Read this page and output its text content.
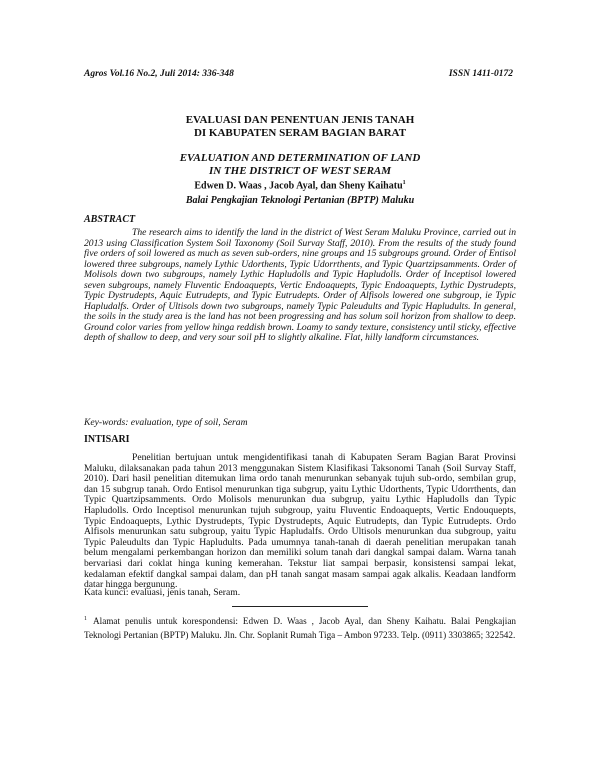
Agros Vol.16 No.2, Juli 2014: 336-348	ISSN 1411-0172
EVALUASI DAN PENENTUAN JENIS TANAH
DI KABUPATEN SERAM BAGIAN BARAT
EVALUATION AND DETERMINATION OF LAND
IN THE DISTRICT OF WEST SERAM
Edwen D. Waas , Jacob Ayal, dan Sheny Kaihatu$^1$
Balai Pengkajian Teknologi Pertanian (BPTP) Maluku
ABSTRACT

The research aims to identify the land in the district of West Seram Maluku Province, carried out in 2013 using Classification System Soil Taxonomy (Soil Survay Staff, 2010). From the results of the study found five orders of soil lowered as much as seven sub-orders, nine groups and 15 subgroups ground. Order of Entisol lowered three subgroups, namely Lythic Udorthents, Typic Udorrthents, and Typic Quartzipsamments. Order of Molisols down two subgroups, namely Lythic Hapludolls and Typic Hapludolls. Order of Inceptisol lowered seven subgroups, namely Fluventic Endoaquepts, Vertic Endoaquepts, Typic Endoaquepts, Lythic Dystrudepts, Typic Dystrudepts, Aquic Eutrudepts, and Typic Eutrudepts. Order of Alfisols lowered one subgroup, ie Typic Hapludalfs. Order of Ultisols down two subgroups, namely Typic Paleudults and Typic Hapludults. In general, the soils in the study area is the land has not been progressing and has solum soil horizon from shallow to deep. Ground color varies from yellow hinga reddish brown. Loamy to sandy texture, consistency until sticky, effective depth of shallow to deep, and very sour soil pH to slightly alkaline. Flat, hilly landform circumstances.

Key-words: evaluation, type of soil, Seram

INTISARI

Penelitian bertujuan untuk mengidentifikasi tanah di Kabupaten Seram Bagian Barat Provinsi Maluku, dilaksanakan pada tahun 2013 menggunakan Sistem Klasifikasi Taksonomi Tanah (Soil Survay Staff, 2010). Dari hasil penelitian ditemukan lima ordo tanah menurunkan sebanyak tujuh sub-ordo, sembilan grup, dan 15 subgrup tanah. Ordo Entisol menurunkan tiga subgrup, yaitu Lythic Udorthents, Typic Udorrthents, dan Typic Quartzipsamments. Ordo Molisols menurunkan dua subgrup, yaitu Lythic Hapludolls dan Typic Hapludolls. Ordo Inceptisol menurunkan tujuh subgroup, yaitu Fluventic Endoaquepts, Vertic Endouquepts, Typic Endoaquepts, Lythic Dystrudepts, Typic Dystrudepts, Aquic Eutrudepts, dan Typic Eutrudepts. Ordo Alfisols menurunkan satu subgroup, yaitu Typic Hapludalfs. Ordo Ultisols menurunkan dua subgroup, yaitu Typic Paleudults dan Typic Hapludults. Pada umumnya tanah-tanah di daerah penelitian merupakan tanah belum mengalami perkembangan horizon dan memiliki solum tanah dari dangkal sampai dalam. Warna tanah bervariasi dari coklat hinga kuning kemerahan. Tekstur liat sampai berpasir, konsistensi sampai lekat, kedalaman efektif dangkal sampai dalam, dan pH tanah sangat masam sampai agak alkalis. Keadaan landform datar hingga bergunung.

Kata kunci: evaluasi, jenis tanah, Seram.

$^1$ Alamat penulis untuk korespondensi: Edwen D. Waas , Jacob Ayal, dan Sheny Kaihatu. Balai Pengkajian Teknologi Pertanian (BPTP) Maluku. Jln. Chr. Soplanit Rumah Tiga – Ambon 97233. Telp. (0911) 3303865; 322542.
